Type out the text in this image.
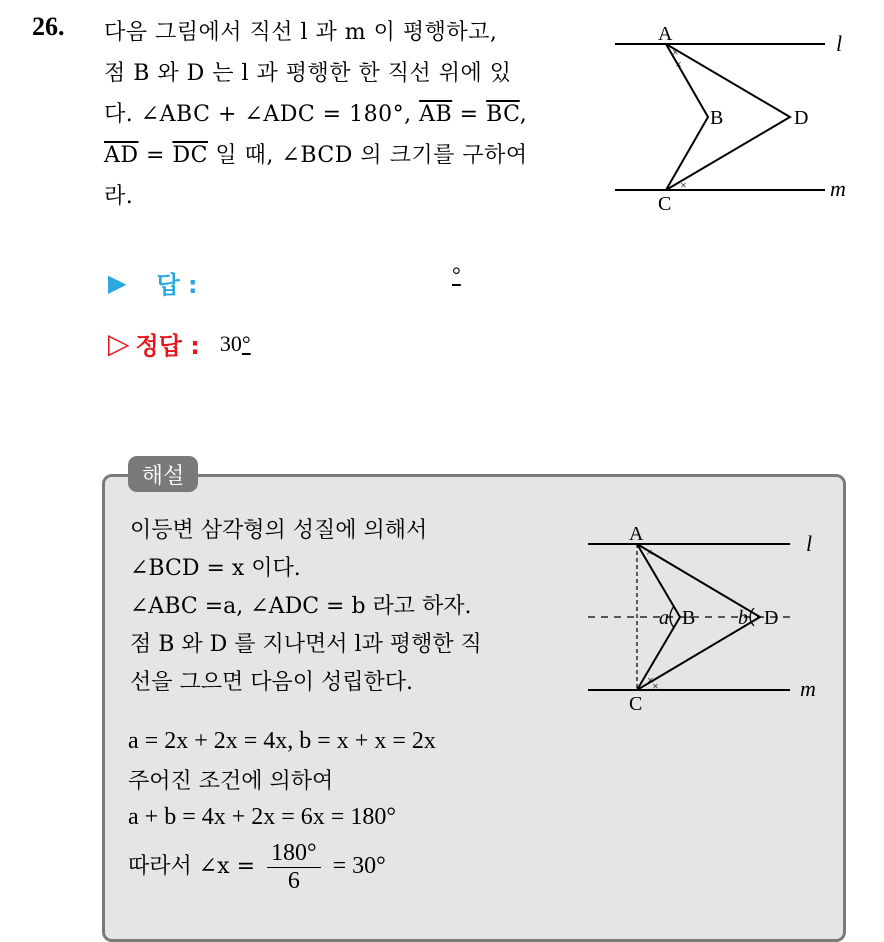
26. 다음 그림에서 직선 l 과 m 이 평행하고,
점 B 와 D 는 l 과 평행한 한 직선 위에 있
다. ∠ABC + ∠ADC = 180°, $\overline{AB} = \overline{BC}$,
$\overline{AD} = \overline{DC}$ 일 때, ∠BCD 의 크기를 구하여
라.
×
×
×
A
B
C
D
l
m
▶ 답 :	°
▷ 정답 : 30°
해설
이등변 삼각형의 성질에 의해서
∠BCD = x 이다.
∠ABC =a, ∠ADC = b 라고 하자.
점 B 와 D 를 지나면서 l과 평행한 직
선을 그으면 다음이 성립한다.
×
×
×
a	b
A
B
C
D
l
m
a = 2x + 2x = 4x, b = x + x = 2x
주어진 조건에 의하여
a + b = 4x + 2x = 6x = 180°
따라서 ∠x = $\frac{180^\circ}{6} = 30^\circ$
